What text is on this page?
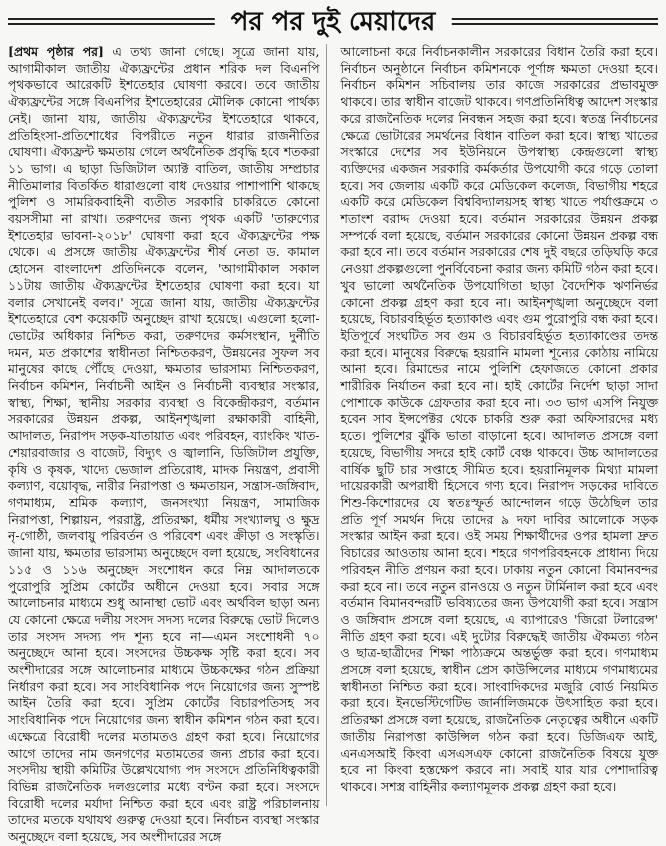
পর পর দুই মেয়াদের

[প্রথম পৃষ্ঠার পর] এ তথ্য জানা গেছে। সূত্রে জানা যায়, আগামীকাল জাতীয় ঐক্যফ্রন্টের প্রধান শরিক দল বিএনপি পৃথকভাবে আরেকটি ইশতেহার ঘোষণা করবে। তবে জাতীয় ঐক্যফ্রন্টের সঙ্গে বিএনপির ইশতেহারের মৌলিক কোনো পার্থক্য নেই। জানা যায়, জাতীয় ঐক্যফ্রন্টের ইশতেহারে থাকবে, প্রতিহিংসা-প্রতিশোধের বিপরীতে নতুন ধারার রাজনীতির ঘোষণা। ঐক্যফ্রন্ট ক্ষমতায় গেলে অর্থনৈতিক প্রবৃদ্ধি হবে শতকরা ১১ ভাগ। এ ছাড়া ডিজিটাল অ্যাক্ট বাতিল, জাতীয় সম্প্রচার নীতিমালার বিতর্কিত ধারাগুলো বাধ দেওয়ার পাশাপাশি থাকছে পুলিশ ও সামরিকবাহিনী ব্যতীত সরকারি চাকরিতে কোনো বয়সসীমা না রাখা। তরুণদের জন্য পৃথক একটি 'তারুণ্যের ইশতেহার ভাবনা-২০১৮' ঘোষণা করা হবে ঐক্যফ্রন্টের পক্ষ থেকে। এ প্রসঙ্গে জাতীয় ঐক্যফ্রন্টের শীর্ষ নেতা ড. কামাল হোসেন বাংলাদেশ প্রতিদিনকে বলেন, 'আগামীকাল সকাল ১১টায় জাতীয় ঐক্যফ্রন্টের ইশতেহার ঘোষণা করা হবে। যা বলার সেখানেই বলব।' সূত্রে জানা যায়, জাতীয় ঐক্যফ্রন্টের ইশতেহারে বেশ কয়েকটি অনুচ্ছেদ রাখা হয়েছে। এগুলো হলো- ভোটের অধিকার নিশ্চিত করা, তরুণদের কর্মসংস্থান, দুর্নীতি দমন, মত প্রকাশের স্বাধীনতা নিশ্চিতকরণ, উন্নয়নের সুফল সব মানুষের কাছে পৌঁছে দেওয়া, ক্ষমতার ভারসাম্য নিশ্চিতকরণ, নির্বাচন কমিশন, নির্বাচনী আইন ও নির্বাচনী ব্যবস্থার সংস্কার, স্বাস্থ্য, শিক্ষা, স্থানীয় সরকার ব্যবস্থা ও বিকেন্দ্রীকরণ, বর্তমান সরকারের উন্নয়ন প্রকল্প, আইনশৃঙ্খলা রক্ষাকারী বাহিনী, আদালত, নিরাপদ সড়ক-যাতায়াত এবং পরিবহন, ব্যাংকিং খাত-শেয়ারবাজার ও বাজেট, বিদ্যুৎ ও জ্বালানি, ডিজিটাল প্রযুক্তি, কৃষি ও কৃষক, খাদ্যে ভেজাল প্রতিরোধ, মাদক নিয়ন্ত্রণ, প্রবাসী কল্যাণ, বয়োবৃদ্ধ, নারীর নিরাপত্তা ও ক্ষমতায়ন, সন্ত্রাস-জঙ্গিবাদ, গণমাধ্যম, শ্রমিক কল্যাণ, জনসংখ্যা নিয়ন্ত্রণ, সামাজিক নিরাপত্তা, শিল্পায়ন, পররাষ্ট্র, প্রতিরক্ষা, ধর্মীয় সংখ্যালঘু ও ক্ষুদ্র নৃ-গোষ্ঠী, জলবায়ু পরিবর্তন ও পরিবেশ এবং ক্রীড়া ও সংস্কৃতি। জানা যায়, ক্ষমতার ভারসাম্য অনুচ্ছেদে বলা হয়েছে, সংবিধানের ১১৫ ও ১১৬ অনুচ্ছেদ সংশোধন করে নিম্ন আদালতকে পুরোপুরি সুপ্রিম কোর্টের অধীনে দেওয়া হবে। সবার সঙ্গে আলোচনার মাধ্যমে শুধু আনাস্থা ভোট এবং অর্থবিল ছাড়া অন্য যে কোনো ক্ষেত্রে দলীয় সংসদ সদস্য দলের বিরুদ্ধে ভোট দিলেও তার সংসদ সদস্য পদ শূন্য হবে না—এমন সংশোধনী ৭০ অনুচ্ছেদে আনা হবে। সংসদের উচ্চকক্ষ সৃষ্টি করা হবে। সব অংশীদারের সঙ্গে আলোচনার মাধ্যমে উচ্চকক্ষের গঠন প্রক্রিয়া নির্ধারণ করা হবে। সব সাংবিধানিক পদে নিয়োগের জন্য সুস্পষ্ট আইন তৈরি করা হবে। সুপ্রিম কোর্টের বিচারপতিসহ সব সাংবিধানিক পদে নিয়োগের জন্য স্বাধীন কমিশন গঠন করা হবে। এক্ষেত্রে বিরোধী দলের মতামতও গ্রহণ করা হবে। নিয়োগের আগে তাদের নাম জনগণের মতামতের জন্য প্রচার করা হবে। সংসদীয় স্থায়ী কমিটির উল্লেখযোগ্য পদ সংসদে প্রতিনিধিত্বকারী বিভিন্ন রাজনৈতিক দলগুলোর মধ্যে বণ্টন করা হবে। সংসদে বিরোধী দলের মর্যাদা নিশ্চিত করা হবে এবং রাষ্ট্র পরিচালনায় তাদের মতকে যথাযথ গুরুত্ব দেওয়া হবে। নির্বাচন ব্যবস্থা সংস্কার অনুচ্ছেদে বলা হয়েছে, সব অংশীদারের সঙ্গে

আলোচনা করে নির্বাচনকালীন সরকারের বিধান তৈরি করা হবে। নির্বাচন অনুষ্ঠানে নির্বাচন কমিশনকে পূর্ণাঙ্গ ক্ষমতা দেওয়া হবে। নির্বাচন কমিশন সচিবালয় তার কাজে সরকারের প্রভাবমুক্ত থাকবে। তার স্বাধীন বাজেট থাকবে। গণপ্রতিনিধিত্ব আদেশ সংস্কার করে রাজনৈতিক দলের নিবন্ধন সহজ করা হবে। স্বতন্ত্র নির্বাচনের ক্ষেত্রে ভোটারের সমর্থনের বিধান বাতিল করা হবে। স্বাস্থ্য খাতের সংস্কারে দেশের সব ইউনিয়নে উপস্বাস্থ্য কেন্দ্রগুলো স্বাস্থ্য ব্যক্তিদের একজন সরকারি কর্মকর্তার উপযোগী করে গড়ে তোলা হবে। সব জেলায় একটি করে মেডিকেল কলেজ, বিভাগীয় শহরে একটি করে মেডিকেল বিশ্ববিদ্যালয়সহ স্বাস্থ্য খাতে পর্যাপ্তক্রমে ৩ শতাংশ বরাদ্দ দেওয়া হবে। বর্তমান সরকারের উন্নয়ন প্রকল্প সম্পর্কে বলা হয়েছে, বর্তমান সরকারের কোনো উন্নয়ন প্রকল্প বন্ধ করা হবে না। তবে বর্তমান সরকারের শেষ দুই বছরে তড়িঘড়ি করে নেওয়া প্রকল্পগুলো পুনর্বিবেচনা করার জন্য কমিটি গঠন করা হবে। খুব ভালো অর্থনৈতিক উপযোগিতা ছাড়া বৈদেশিক ঋণনির্ভর কোনো প্রকল্প গ্রহণ করা হবে না। আইনশৃঙ্খলা অনুচ্ছেদে বলা হয়েছে, বিচারবহির্ভূত হত্যাকাণ্ড এবং গুম পুরোপুরি বন্ধ করা হবে। ইতিপূর্বে সংঘটিত সব গুম ও বিচারবহির্ভূত হত্যাকাণ্ডের তদন্ত করা হবে। মানুষের বিরুদ্ধে হয়রানি মামলা শূন্যের কোঠায় নামিয়ে আনা হবে। রিমান্ডের নামে পুলিশি হেফাজতে কোনো প্রকার শারীরিক নির্যাতন করা হবে না। হাই কোর্টের নির্দেশ ছাড়া সাদা পোশাকে কাউকে গ্রেফতার করা হবে না। ৩৩ ভাগ এসপি নিযুক্ত হবেন সাব ইন্সপেক্টর থেকে চাকরি শুরু করা অফিসারদের মধ্য হতে। পুলিশের ঝুঁকি ভাতা বাড়ানো হবে। আদালত প্রসঙ্গে বলা হয়েছে, বিভাগীয় সদরে হাই কোর্ট বেঞ্চ থাকবে। উচ্চ আদালতের বার্ষিক ছুটি চার সপ্তাহে সীমিত হবে। হয়রানিমূলক মিথ্যা মামলা দায়েরকারী অপরাধী হিসেবে গণ্য হবে। নিরাপদ সড়কের দাবিতে শিশু-কিশোরদের যে স্বতঃস্ফূর্ত আন্দোলন গড়ে উঠেছিল তার প্রতি পূর্ণ সমর্থন দিয়ে তাদের ৯ দফা দাবির আলোকে সড়ক সংস্কার আইন করা হবে। ওই সময় শিক্ষার্থীদের ওপর হামলা দ্রুত বিচারের আওতায় আনা হবে। শহরে গণপরিবহনকে প্রাধান্য দিয়ে পরিবহন নীতি প্রণয়ন করা হবে। ঢাকায় নতুন কোনো বিমানবন্দর করা হবে না। তবে নতুন রানওয়ে ও নতুন টার্মিনাল করা হবে এবং বর্তমান বিমানবন্দরটি ভবিষ্যতের জন্য উপযোগী করা হবে। সন্ত্রাস ও জঙ্গিবাদ প্রসঙ্গে বলা হয়েছে, এ ব্যাপারেও 'জিরো টলারেন্স' নীতি গ্রহণ করা হবে। এই দুটোর বিরুদ্ধেই জাতীয় ঐকমত্য গঠন ও ছাত্র-ছাত্রীদের শিক্ষা পাঠ্যক্রমে অন্তর্ভুক্ত করা হবে। গণমাধ্যম প্রসঙ্গে বলা হয়েছে, স্বাধীন প্রেস কাউন্সিলের মাধ্যমে গণমাধ্যমের স্বাধীনতা নিশ্চিত করা হবে। সাংবাদিকদের মজুরি বোর্ড নিয়মিত করা হবে। ইনভেস্টিগেটিভ জার্নালিজমকে উৎসাহিত করা হবে। প্রতিরক্ষা প্রসঙ্গে বলা হয়েছে, রাজনৈতিক নেতৃত্বের অধীনে একটি জাতীয় নিরাপত্তা কাউন্সিল গঠন করা হবে। ডিজিএফ আই, এনএসআই কিংবা এসএসএফ কোনো রাজনৈতিক বিষয়ে যুক্ত হবে না কিংবা হস্তক্ষেপ করবে না। সবাই যার যার পেশাদারিত্ব থাকবে। সশস্ত্র বাহিনীর কল্যাণমূলক প্রকল্প গ্রহণ করা হবে।
